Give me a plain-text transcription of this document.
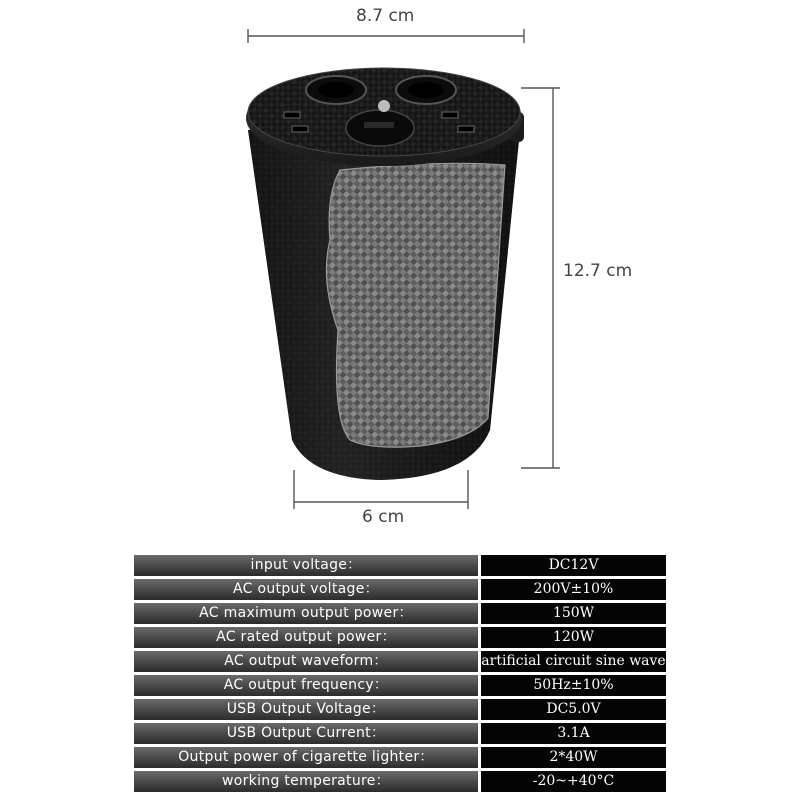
8.7 cm
12.7 cm
6 cm
input voltage：	DC12V
AC output voltage：	200V±10%
AC maximum output power：	150W
AC rated output power：	120W
AC output waveform：	artificial circuit sine wave
AC output frequency：	50Hz±10%
USB Output Voltage：	DC5.0V
USB Output Current：	3.1A
Output power of cigarette lighter：	2*40W
working temperature：	-20~+40°C
